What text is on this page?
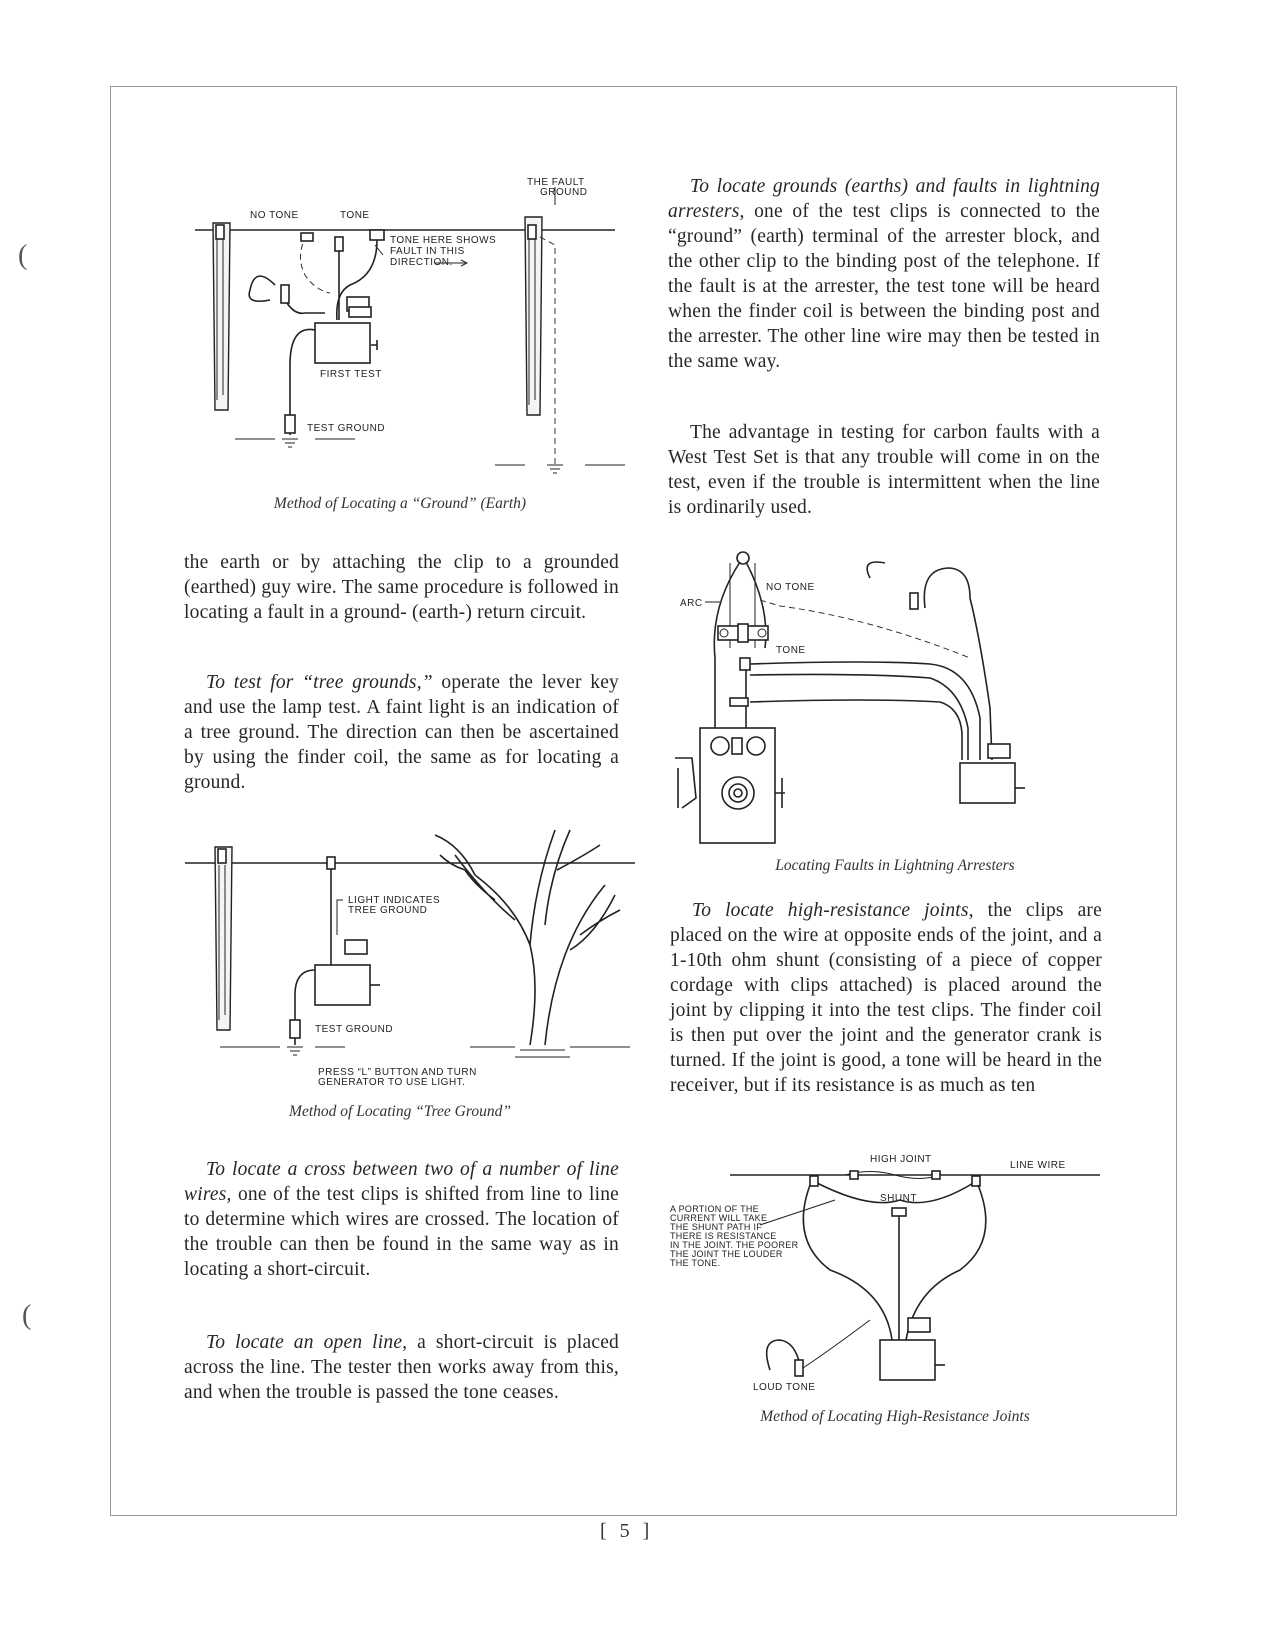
(
(
NO TONE	TONE
THE FAULT
GROUND
TONE HERE SHOWS
FAULT IN THIS
DIRECTION.
FIRST TEST
TEST GROUND
Method of Locating a “Ground” (Earth)
To locate grounds (earths) and faults in lightning arresters, one of the test clips is connected to the “ground” (earth) terminal of the arrester block, and the other clip to the binding post of the telephone. If the fault is at the arrester, the test tone will be heard when the finder coil is between the binding post and the arrester. The other line wire may then be tested in the same way.
The advantage in testing for carbon faults with a West Test Set is that any trouble will come in on the test, even if the trouble is intermittent when the line is ordinarily used.
the earth or by attaching the clip to a grounded (earthed) guy wire. The same procedure is followed in locating a fault in a ground- (earth-) return circuit.
To test for “tree grounds,” operate the lever key and use the lamp test. A faint light is an indication of a tree ground. The direction can then be ascertained by using the finder coil, the same as for locating a ground.
ARC
NO TONE
TONE
Locating Faults in Lightning Arresters
LIGHT INDICATES
TREE GROUND
TEST GROUND
PRESS “L” BUTTON AND TURN
GENERATOR TO USE LIGHT.
Method of Locating “Tree Ground”
To locate high-resistance joints, the clips are placed on the wire at opposite ends of the joint, and a 1-10th ohm shunt (consisting of a piece of copper cordage with clips attached) is placed around the joint by clipping it into the test clips. The finder coil is then put over the joint and the generator crank is turned. If the joint is good, a tone will be heard in the receiver, but if its resistance is as much as ten
HIGH JOINT
LINE WIRE
SHUNT
A PORTION OF THE
CURRENT WILL TAKE
THE SHUNT PATH IF
THERE IS RESISTANCE
IN THE JOINT. THE POORER
THE JOINT THE LOUDER
THE TONE.
LOUD TONE
Method of Locating High-Resistance Joints
To locate a cross between two of a number of line wires, one of the test clips is shifted from line to line to determine which wires are crossed. The location of the trouble can then be found in the same way as in locating a short-circuit.
To locate an open line, a short-circuit is placed across the line. The tester then works away from this, and when the trouble is passed the tone ceases.
[ 5 ]
